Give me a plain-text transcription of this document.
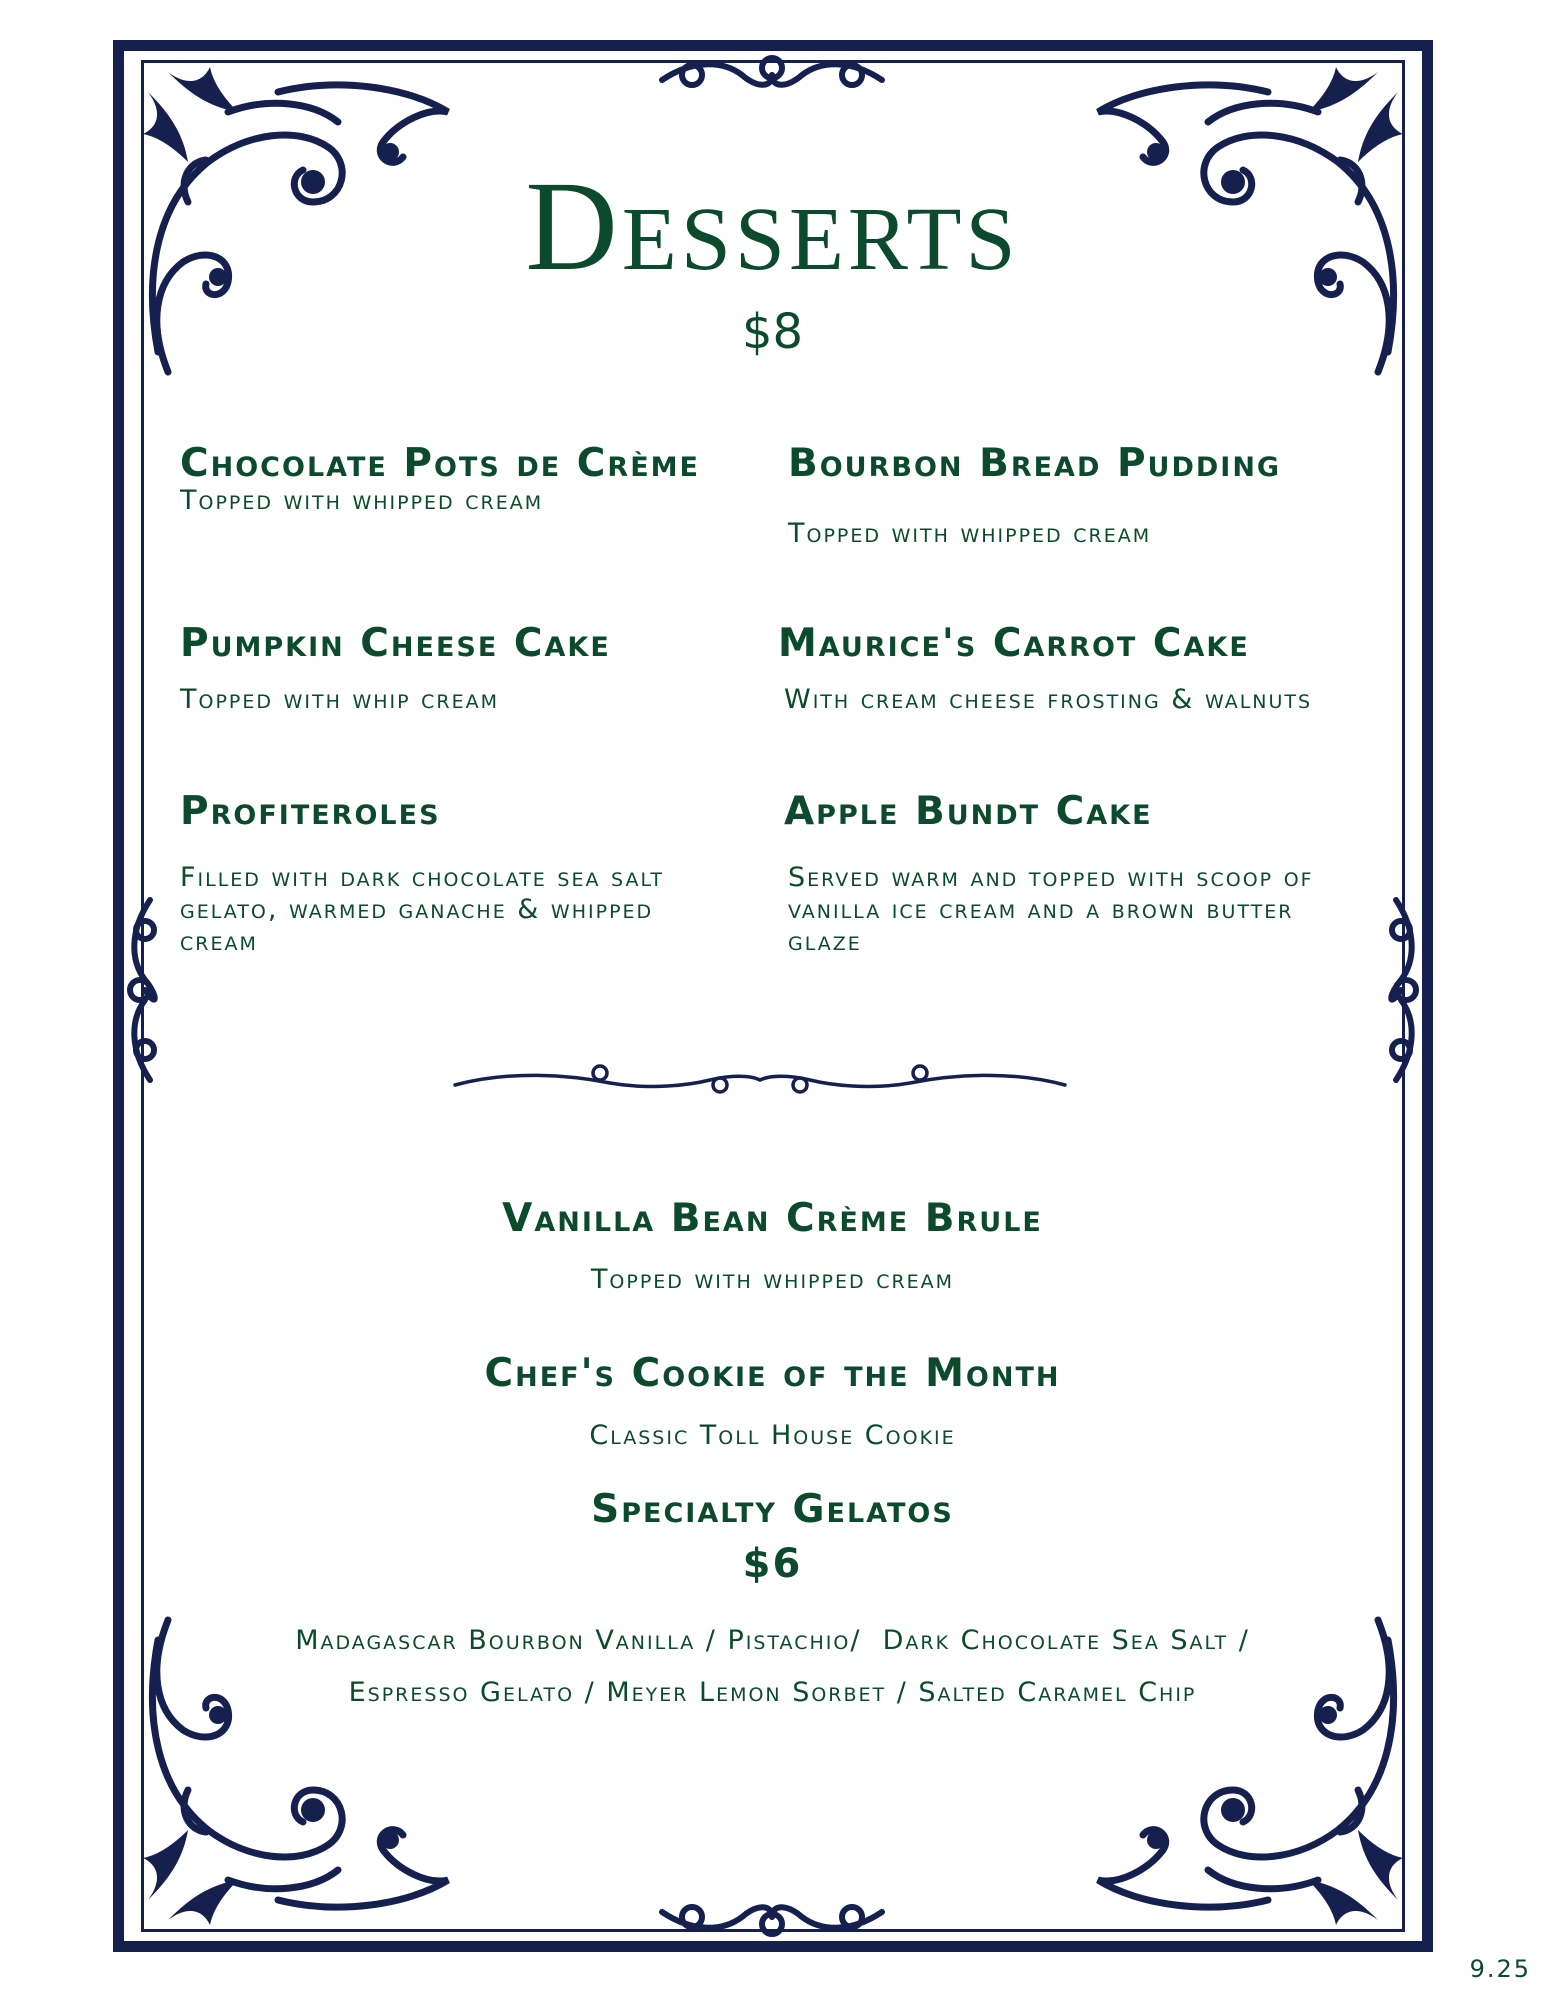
Desserts
$8
Chocolate Pots de Crème
Topped with whipped cream
Pumpkin Cheese Cake
Topped with whip cream
Profiteroles
Filled with dark chocolate sea salt gelato, warmed ganache & whipped cream
Bourbon Bread Pudding
Topped with whipped cream
Maurice's Carrot Cake
With cream cheese frosting & walnuts
Apple Bundt Cake
Served warm and topped with scoop of vanilla ice cream and a brown butter glaze
Vanilla Bean Crème Brule
Topped with whipped cream
Chef's Cookie of the Month
Classic Toll House Cookie
Specialty Gelatos
$6
Madagascar Bourbon Vanilla / Pistachio/  Dark Chocolate Sea Salt /
Espresso Gelato / Meyer Lemon Sorbet / Salted Caramel Chip
9.25
